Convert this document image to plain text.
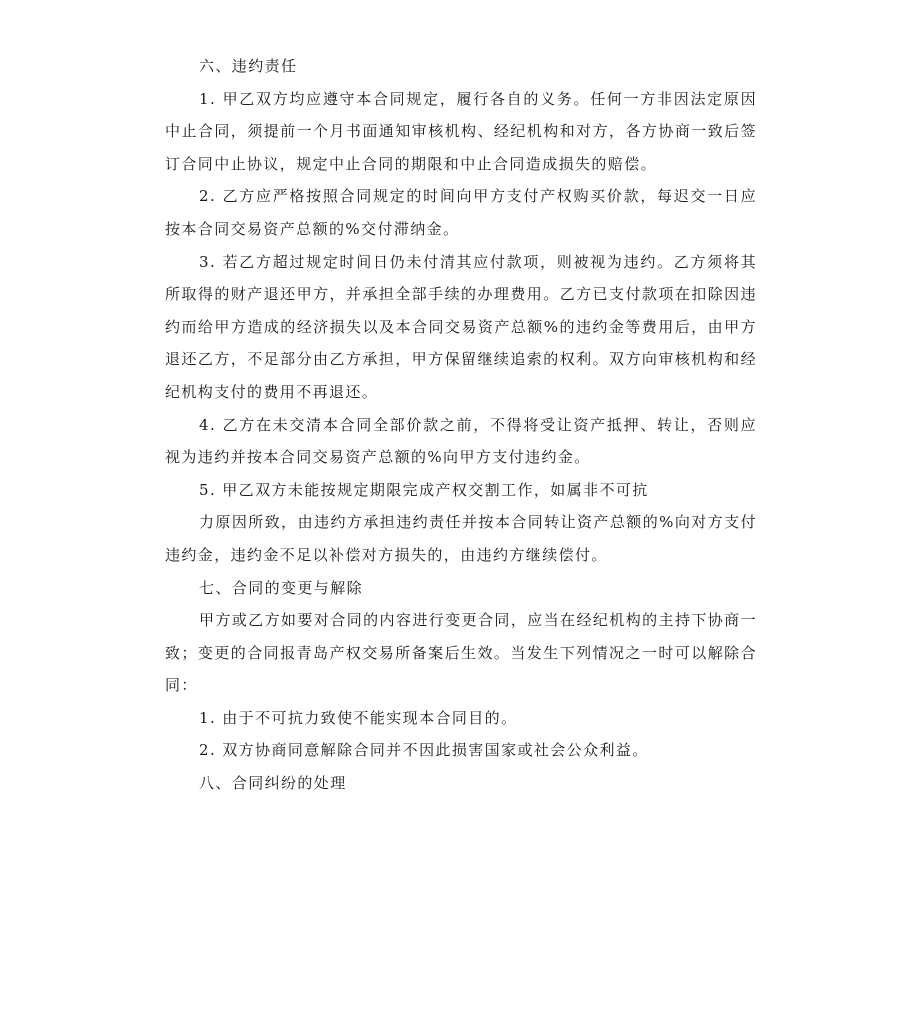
六、违约责任

1. 甲乙双方均应遵守本合同规定，履行各自的义务。任何一方非因法定原因中止合同，须提前一个月书面通知审核机构、经纪机构和对方，各方协商一致后签订合同中止协议，规定中止合同的期限和中止合同造成损失的赔偿。

2. 乙方应严格按照合同规定的时间向甲方支付产权购买价款，每迟交一日应按本合同交易资产总额的%交付滞纳金。

3. 若乙方超过规定时间日仍未付清其应付款项，则被视为违约。乙方须将其所取得的财产退还甲方，并承担全部手续的办理费用。乙方已支付款项在扣除因违约而给甲方造成的经济损失以及本合同交易资产总额%的违约金等费用后，由甲方退还乙方，不足部分由乙方承担，甲方保留继续追索的权利。双方向审核机构和经纪机构支付的费用不再退还。

4. 乙方在未交清本合同全部价款之前，不得将受让资产抵押、转让，否则应视为违约并按本合同交易资产总额的%向甲方支付违约金。

5. 甲乙双方未能按规定期限完成产权交割工作，如属非不可抗

力原因所致，由违约方承担违约责任并按本合同转让资产总额的%向对方支付违约金，违约金不足以补偿对方损失的，由违约方继续偿付。

七、合同的变更与解除

甲方或乙方如要对合同的内容进行变更合同，应当在经纪机构的主持下协商一致；变更的合同报青岛产权交易所备案后生效。当发生下列情况之一时可以解除合同：

1. 由于不可抗力致使不能实现本合同目的。

2. 双方协商同意解除合同并不因此损害国家或社会公众利益。

八、合同纠纷的处理
